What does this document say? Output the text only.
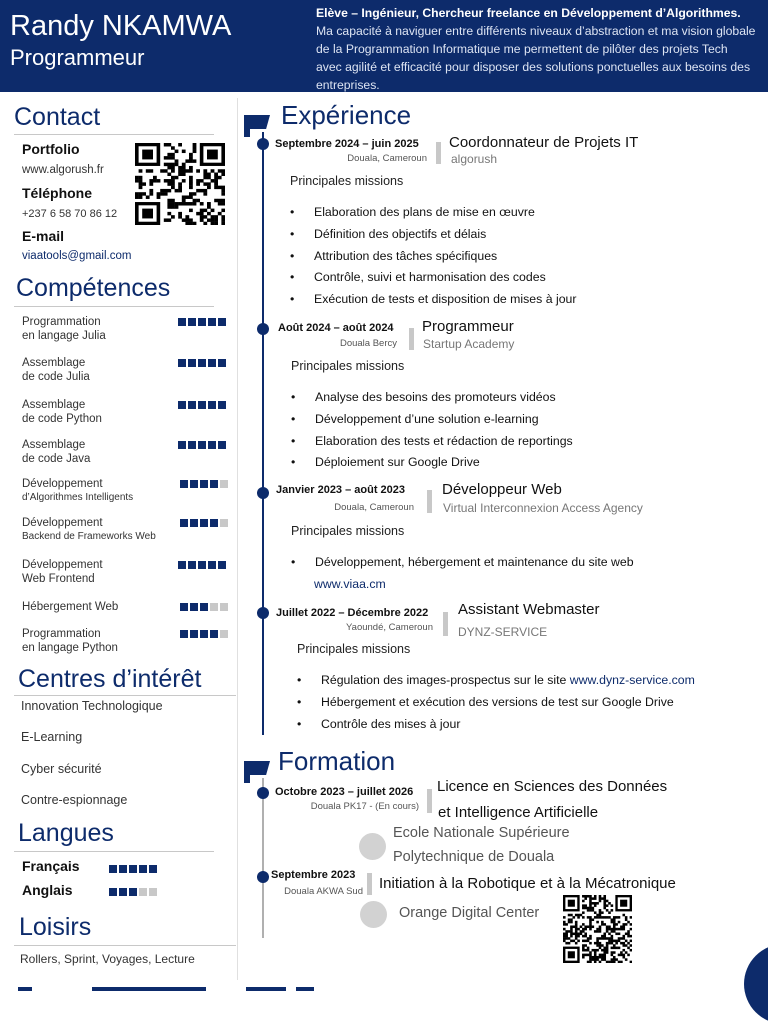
Randy NKAMWA
Programmeur
Elève – Ingénieur, Chercheur freelance en Développement d’Algorithmes.
Ma capacité à naviguer entre différents niveaux d’abstraction et ma vision globale de la Programmation Informatique me permettent de pilôter des projets Tech avec agilité et efficacité pour disposer des solutions ponctuelles aux besoins des entreprises.
Contact
Portfolio
www.algorush.fr
Téléphone
+237 6 58 70 86 12
E-mail
viaatools@gmail.com
Compétences
Programmation
en langage Julia
Assemblage
de code Julia
Assemblage
de code Python
Assemblage
de code Java
Développement
d’Algorithmes Intelligents
Développement
Backend de Frameworks Web
Développement
Web Frontend
Hébergement Web
Programmation
en langage Python
Centres d’intérêt
Innovation Technologique
E-Learning
Cyber sécurité
Contre-espionnage
Langues
Français
Anglais
Loisirs
Rollers, Sprint, Voyages, Lecture
Expérience
Septembre 2024 – juin 2025
Douala, Cameroun
Coordonnateur de Projets IT
algorush
Principales missions
• Elaboration des plans de mise en œuvre
• Définition des objectifs et délais
• Attribution des tâches spécifiques
• Contrôle, suivi et harmonisation des codes
• Exécution de tests et disposition de mises à jour
Août 2024 – août 2024
Douala Bercy
Programmeur
Startup Academy
Principales missions
• Analyse des besoins des promoteurs vidéos
• Développement d’une solution e-learning
• Elaboration des tests et rédaction de reportings
• Déploiement sur Google Drive
Janvier 2023 – août 2023
Douala, Cameroun
Développeur Web
Virtual Interconnexion Access Agency
Principales missions
• Développement, hébergement et maintenance du site web
www.viaa.cm
Juillet 2022 – Décembre 2022
Yaoundé, Cameroun
Assistant Webmaster
DYNZ-SERVICE
Principales missions
• Régulation des images-prospectus sur le site www.dynz-service.com
• Hébergement et exécution des versions de test sur Google Drive
• Contrôle des mises à jour
Formation
Octobre 2023 – juillet 2026
Douala PK17 - (En cours)
Licence en Sciences des Données
et Intelligence Artificielle
Ecole Nationale Supérieure
Polytechnique de Douala
Septembre 2023
Douala AKWA Sud Initiation à la Robotique et à la Mécatronique
Orange Digital Center
